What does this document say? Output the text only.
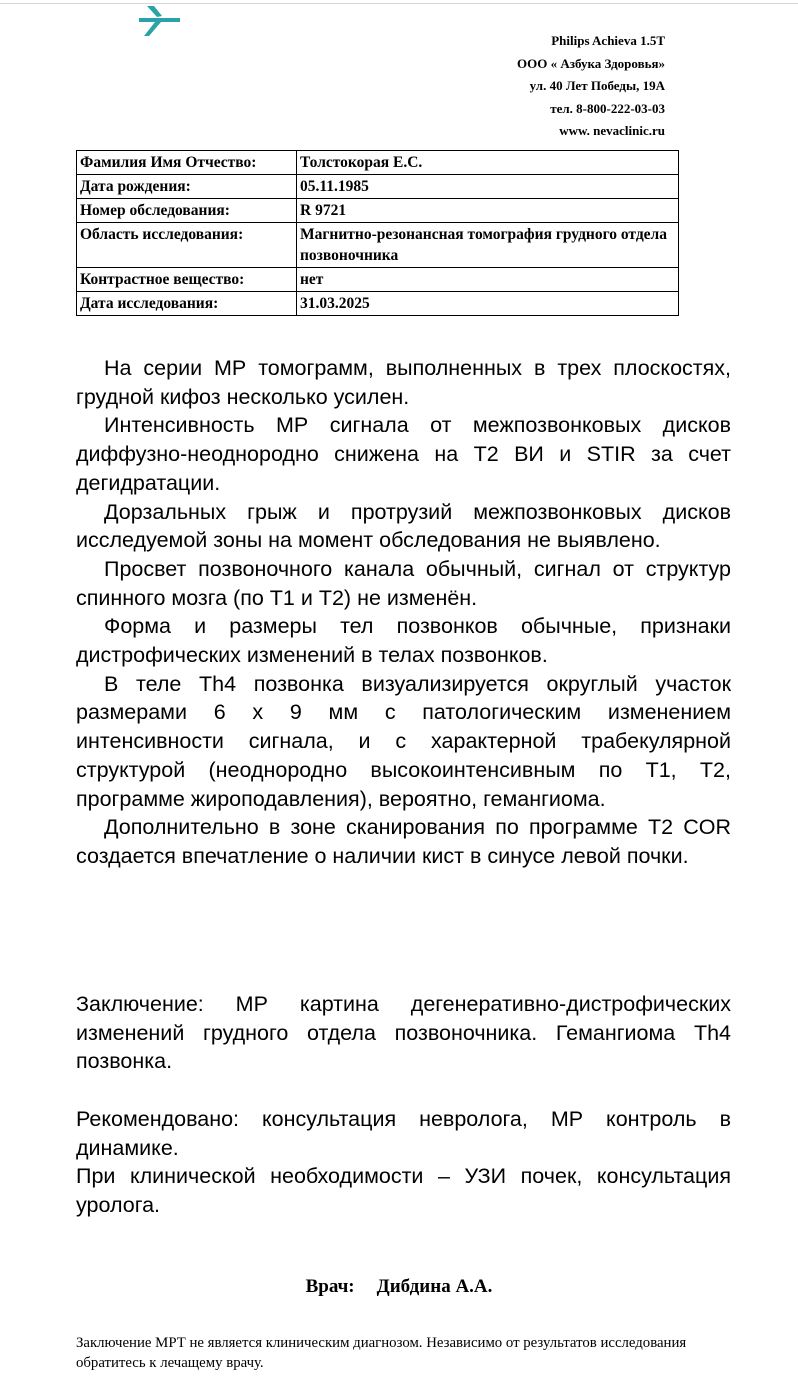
Philips Achieva 1.5T
ООО « Азбука Здоровья»
ул. 40 Лет Победы, 19А
тел. 8-800-222-03-03
www. nevaclinic.ru
Фамилия Имя Отчество:	Толстокорая Е.С.
Дата рождения:	05.11.1985
Номер обследования:	R 9721
Область исследования:	Магнитно-резонансная томография грудного отдела позвоночника
Контрастное вещество:	нет
Дата исследования:	31.03.2025

На серии МР томограмм, выполненных в трех плоскостях, грудной кифоз несколько усилен.

Интенсивность МР сигнала от межпозвонковых дисков диффузно-неоднородно снижена на Т2 ВИ и STIR за счет дегидратации.

Дорзальных грыж и протрузий межпозвонковых дисков исследуемой зоны на момент обследования не выявлено.

Просвет позвоночного канала обычный, сигнал от структур спинного мозга (по Т1 и Т2) не изменён.

Форма и размеры тел позвонков обычные, признаки дистрофических изменений в телах позвонков.

В теле Th4 позвонка визуализируется округлый участок размерами 6 х 9 мм с патологическим изменением интенсивности сигнала, и с характерной трабекулярной структурой (неоднородно высокоинтенсивным по Т1, Т2, программе жироподавления), вероятно, гемангиома.

Дополнительно в зоне сканирования по программе Т2 COR создается впечатление о наличии кист в синусе левой почки.

Заключение: МР картина дегенеративно-дистрофических изменений грудного отдела позвоночника. Гемангиома Th4 позвонка.

Рекомендовано: консультация невролога, МР контроль в динамике.

При клинической необходимости – УЗИ почек, консультация уролога.

Врач: Дибдина А.А.
Заключение МРТ не является клиническим диагнозом. Независимо от результатов исследования обратитесь к лечащему врачу.
